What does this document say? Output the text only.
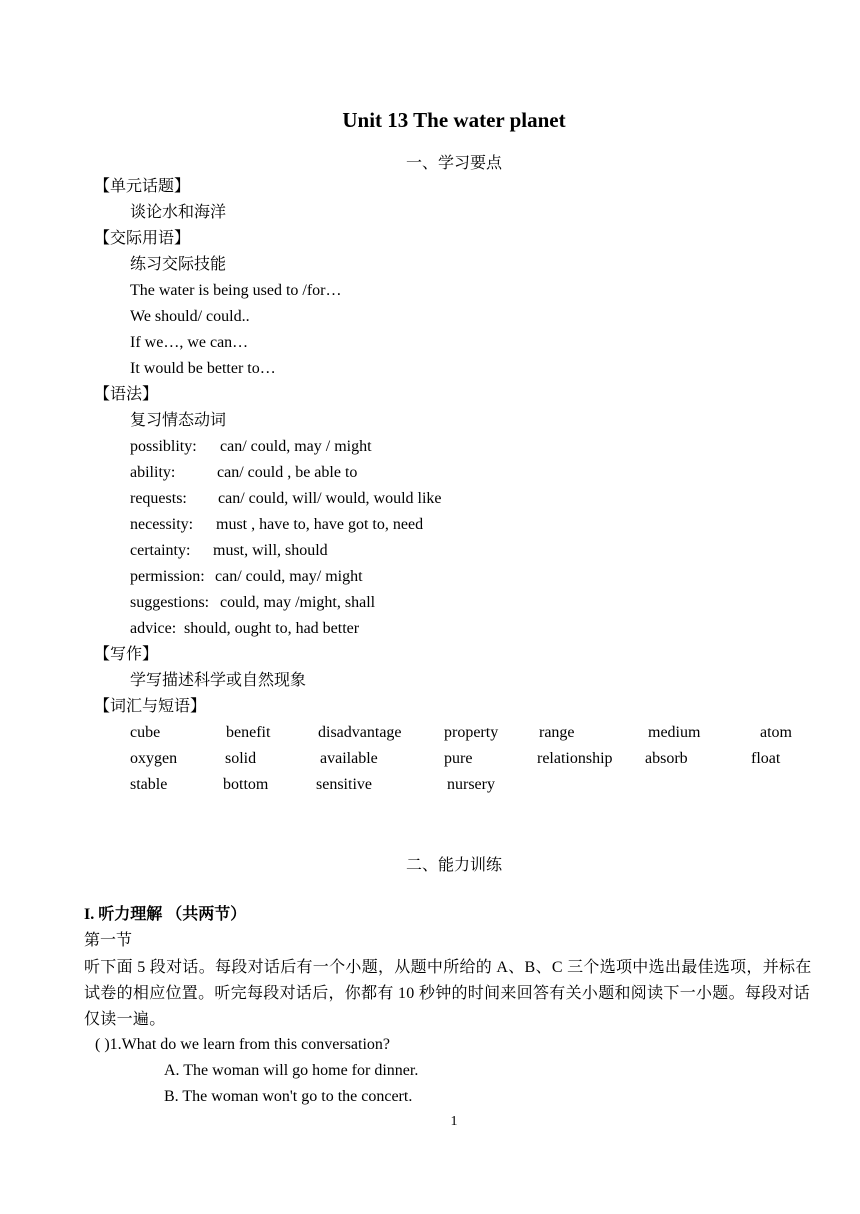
Unit 13 The water planet
一、学习要点
【单元话题】
谈论水和海洋
【交际用语】
练习交际技能
The water is being used to /for…
We should/ could..
If we…, we can…
It would be better to…
【语法】
复习情态动词
possiblity: can/ could, may / might
ability:	can/ could , be able to
requests: can/ could, will/ would, would like
necessity: must , have to, have got to, need
certainty: must, will, should
permission: can/ could, may/ might
suggestions: could, may /might, shall
advice: should, ought to, had better
【写作】
学写描述科学或自然现象
【词汇与短语】
cube	benefit	disadvantage	property	range	medium	atom
oxygen	solid	available	pure	relationship absorb	float
stable	bottom	sensitive	nursery
二、能力训练
I. 听力理解 （共两节）
第一节
听下面 5 段对话。每段对话后有一个小题，从题中所给的 A、B、C 三个选项中选出最佳选项，并标在试卷的相应位置。听完每段对话后，你都有 10 秒钟的时间来回答有关小题和阅读下一小题。每段对话仅读一遍。
( )1.What do we learn from this conversation?
A. The woman will go home for dinner.
B. The woman won't go to the concert.
1
